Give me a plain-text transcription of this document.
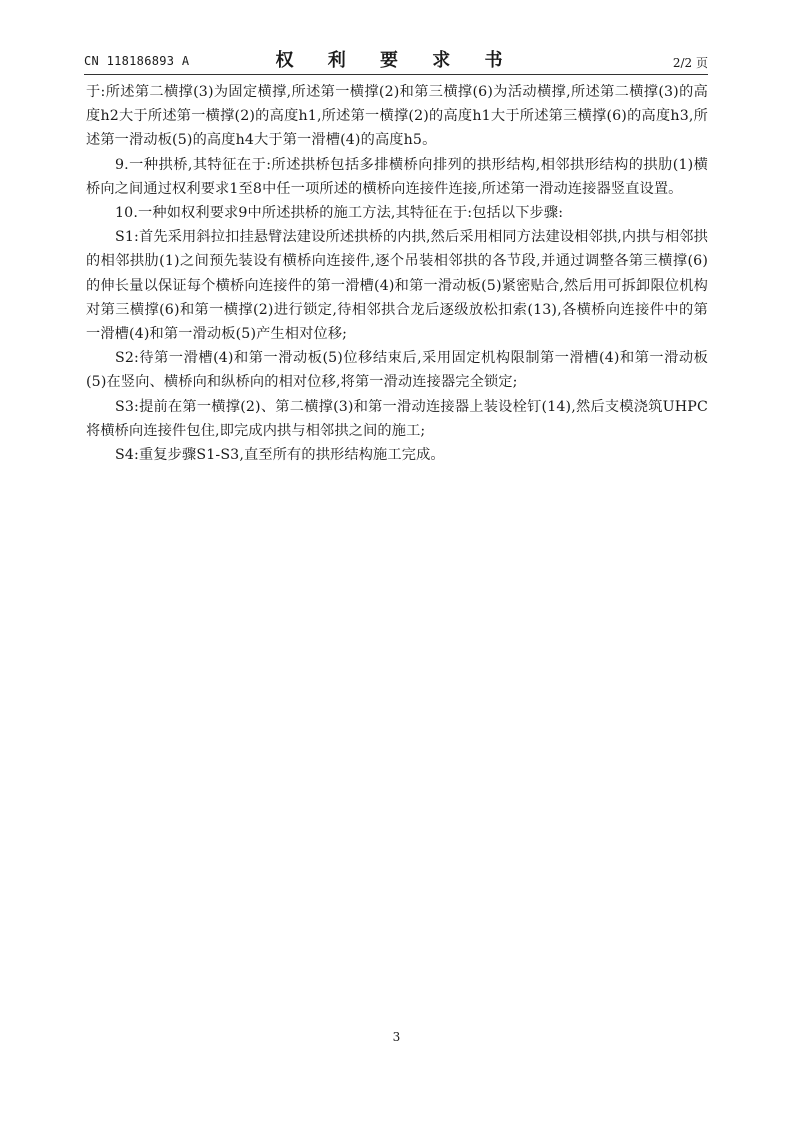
CN 118186893 A	权 利 要 求 书	2/2 页

于:所述第二横撑(3)为固定横撑,所述第一横撑(2)和第三横撑(6)为活动横撑,所述第二横撑(3)的高度h2大于所述第一横撑(2)的高度h1,所述第一横撑(2)的高度h1大于所述第三横撑(6)的高度h3,所述第一滑动板(5)的高度h4大于第一滑槽(4)的高度h5。

9.一种拱桥,其特征在于:所述拱桥包括多排横桥向排列的拱形结构,相邻拱形结构的拱肋(1)横桥向之间通过权利要求1至8中任一项所述的横桥向连接件连接,所述第一滑动连接器竖直设置。

10.一种如权利要求9中所述拱桥的施工方法,其特征在于:包括以下步骤:

S1:首先采用斜拉扣挂悬臂法建设所述拱桥的内拱,然后采用相同方法建设相邻拱,内拱与相邻拱的相邻拱肋(1)之间预先装设有横桥向连接件,逐个吊装相邻拱的各节段,并通过调整各第三横撑(6)的伸长量以保证每个横桥向连接件的第一滑槽(4)和第一滑动板(5)紧密贴合,然后用可拆卸限位机构对第三横撑(6)和第一横撑(2)进行锁定,待相邻拱合龙后逐级放松扣索(13),各横桥向连接件中的第一滑槽(4)和第一滑动板(5)产生相对位移;

S2:待第一滑槽(4)和第一滑动板(5)位移结束后,采用固定机构限制第一滑槽(4)和第一滑动板(5)在竖向、横桥向和纵桥向的相对位移,将第一滑动连接器完全锁定;

S3:提前在第一横撑(2)、第二横撑(3)和第一滑动连接器上装设栓钉(14),然后支模浇筑UHPC将横桥向连接件包住,即完成内拱与相邻拱之间的施工;

S4:重复步骤S1-S3,直至所有的拱形结构施工完成。

3
